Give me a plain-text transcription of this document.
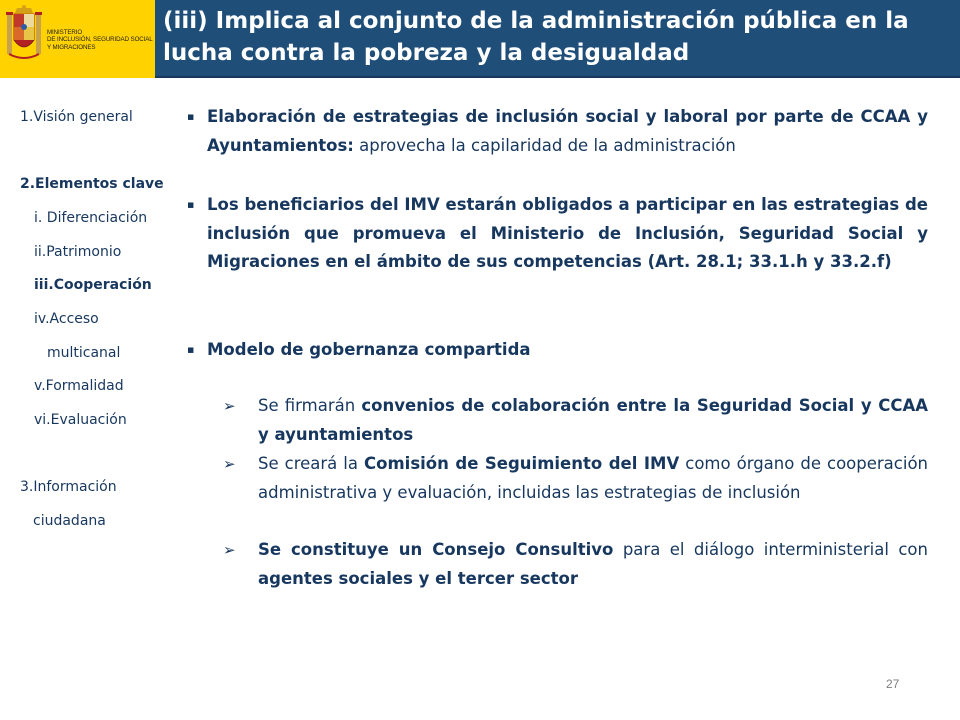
MINISTERIO
DE INCLUSIÓN, SEGURIDAD SOCIAL
Y MIGRACIONES
(iii) Implica al conjunto de la administración pública en la lucha contra la pobreza y la desigualdad
1.Visión general
2.Elementos clave
i. Diferenciación
ii.Patrimonio
iii.Cooperación
iv.Acceso
multicanal
v.Formalidad
vi.Evaluación
3.Información
ciudadana
▪ Elaboración de estrategias de inclusión social y laboral por parte de CCAA y Ayuntamientos: aprovecha la capilaridad de la administración
▪ Los beneficiarios del IMV estarán obligados a participar en las estrategias de inclusión que promueva el Ministerio de Inclusión, Seguridad Social y Migraciones en el ámbito de sus competencias (Art. 28.1; 33.1.h y 33.2.f)
▪ Modelo de gobernanza compartida
➢ Se firmarán convenios de colaboración entre la Seguridad Social y CCAA y ayuntamientos
➢ Se creará la Comisión de Seguimiento del IMV como órgano de cooperación administrativa y evaluación, incluidas las estrategias de inclusión
➢ Se constituye un Consejo Consultivo para el diálogo interministerial con agentes sociales y el tercer sector
27
